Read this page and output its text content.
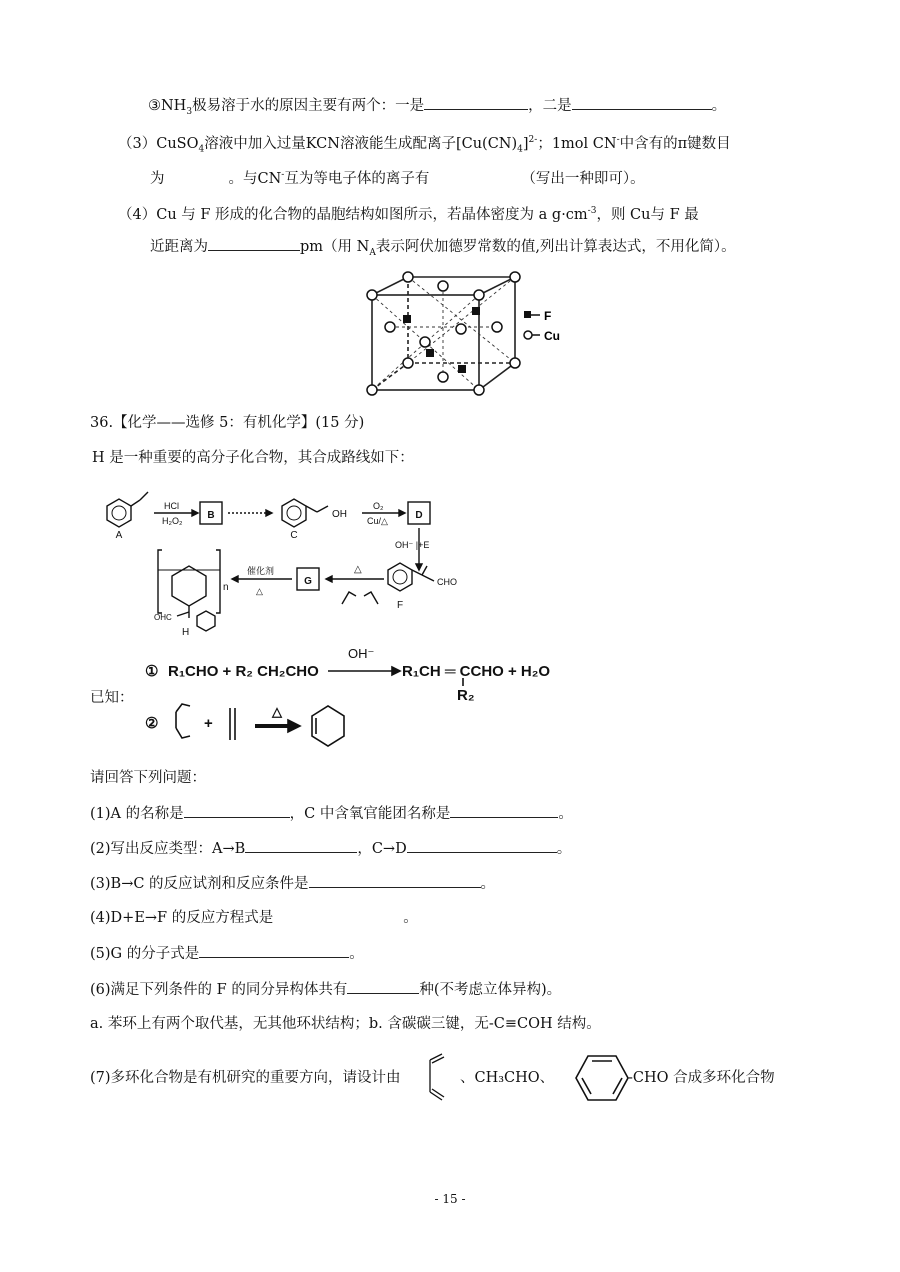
$③NH_3$极易溶于水的原因主要有两个：一是	，二是	。
（3）CuSO$_4$溶液中加入过量KCN溶液能生成配离子$[Cu(CN)_4]^{2-}$；1mol CN-中含有的π键数目
为	。与CN-互为等电子体的离子有	（写出一种即可）。
（4）Cu 与 F 形成的化合物的晶胞结构如图所示，若晶体密度为 a $g\cdot cm^{-3}$，则 Cu与 F 最
近距离为	pm（用 $N_A$表示阿伏加德罗常数的值,列出计算表达式，不用化简）。
F
Cu
36.【化学——选修 5：有机化学】(15 分)
H 是一种重要的高分子化合物，其合成路线如下：
A
HCl
H₂O₂ B
C
OH
O₂
Cu/△	D
OH⁻ |+E
CHO
F
△
G
催化剂
△
n
OHC
H
已知：
① R₁CHO + R₂ CH₂CHO
OH⁻
R₁CH ═ CCHO + H₂O
R₂
②	+
△
请回答下列问题：
(1)A 的名称是	，C 中含氧官能团名称是	。
(2)写出反应类型：A→B	，C→D	。
(3)B→C 的反应试剂和反应条件是	。
(4)D+E→F 的反应方程式是	。
(5)G 的分子式是	。
(6)满足下列条件的 F 的同分异构体共有	种(不考虑立体异构)。
a. 苯环上有两个取代基，无其他环状结构；b. 含碳碳三键，无-C≡COH 结构。
(7)多环化合物是有机研究的重要方向，请设计由	、CH₃CHO、	-CHO 合成多环化合物
- 15 -
